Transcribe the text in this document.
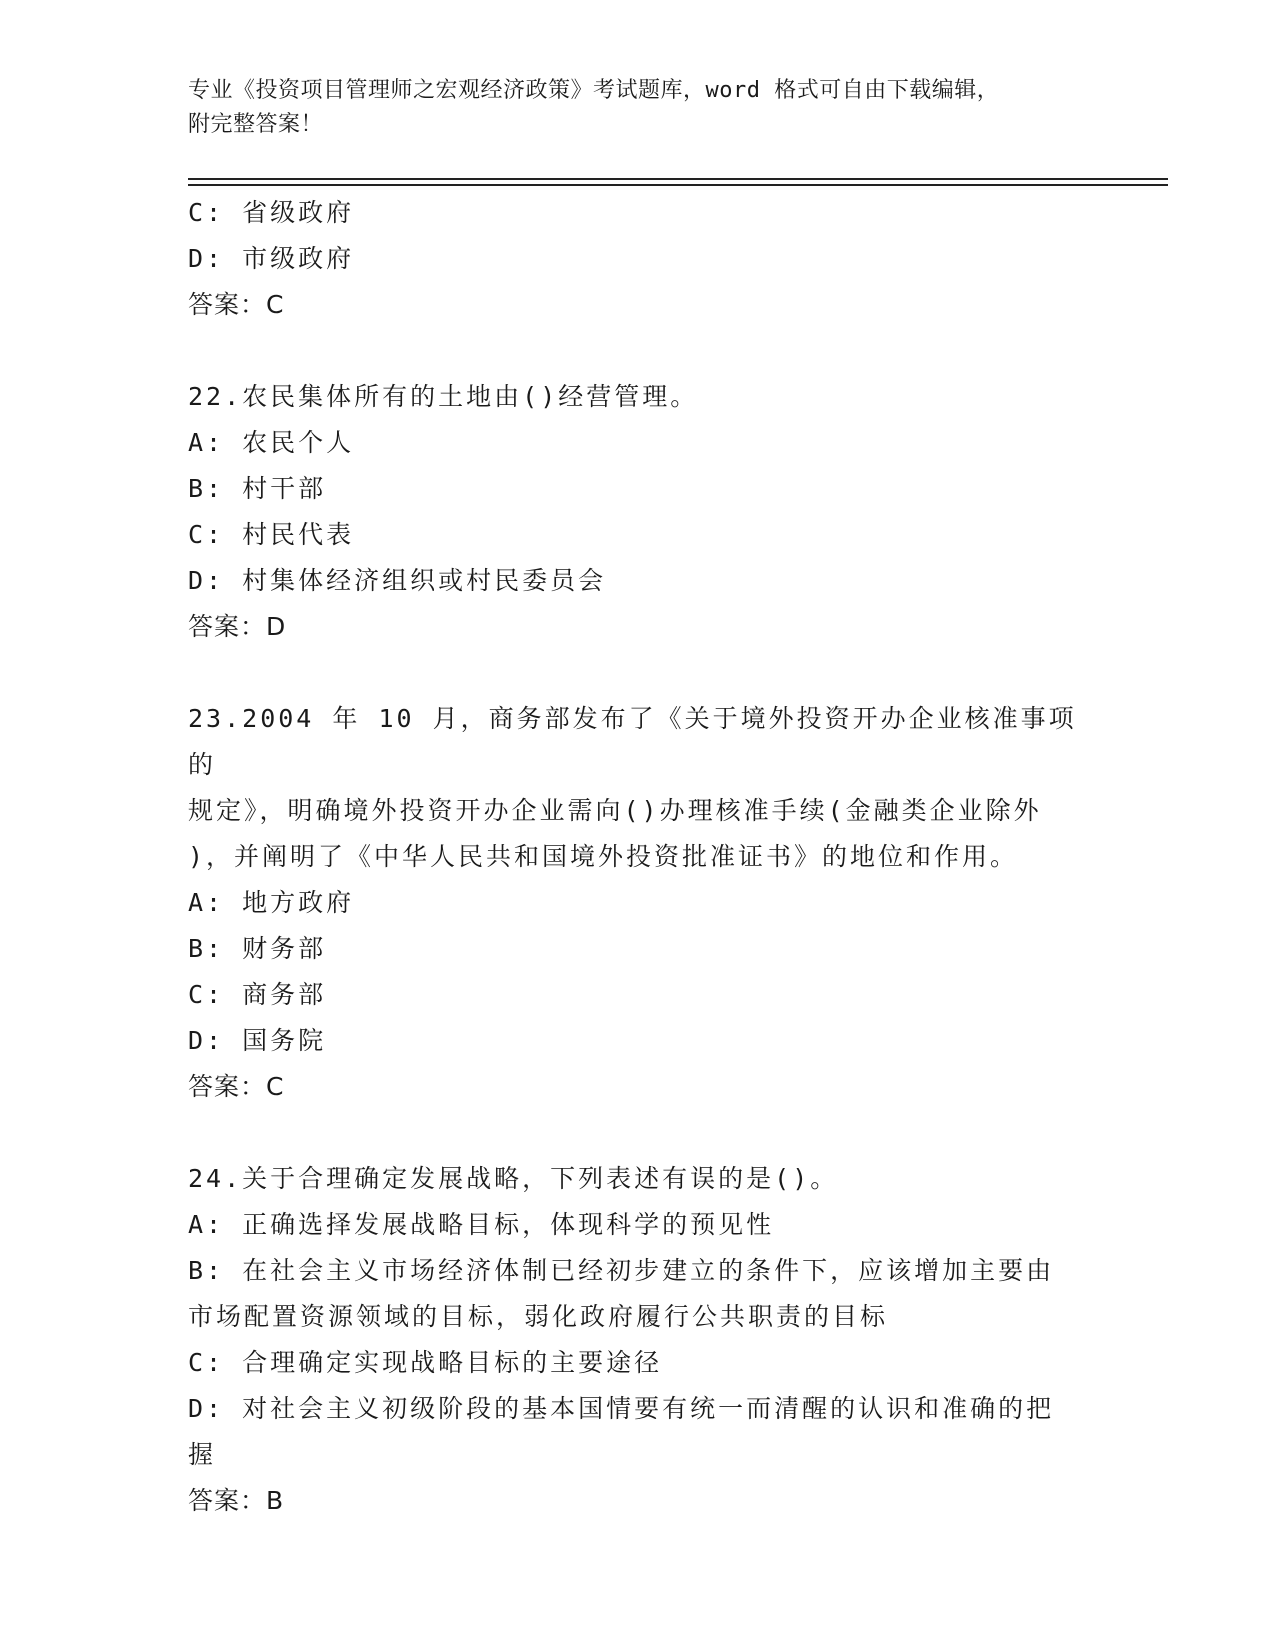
专业《投资项目管理师之宏观经济政策》考试题库，word 格式可自由下载编辑，
附完整答案！
C: 省级政府
D: 市级政府
答案：C
22.农民集体所有的土地由()经营管理。
A: 农民个人
B: 村干部
C: 村民代表
D: 村集体经济组织或村民委员会
答案：D
23.2004 年 10 月，商务部发布了《关于境外投资开办企业核准事项的
规定》，明确境外投资开办企业需向()办理核准手续(金融类企业除外
)，并阐明了《中华人民共和国境外投资批准证书》的地位和作用。
A: 地方政府
B: 财务部
C: 商务部
D: 国务院
答案：C
24.关于合理确定发展战略，下列表述有误的是()。
A: 正确选择发展战略目标，体现科学的预见性
B: 在社会主义市场经济体制已经初步建立的条件下，应该增加主要由
市场配置资源领域的目标，弱化政府履行公共职责的目标
C: 合理确定实现战略目标的主要途径
D: 对社会主义初级阶段的基本国情要有统一而清醒的认识和准确的把
握
答案：B
